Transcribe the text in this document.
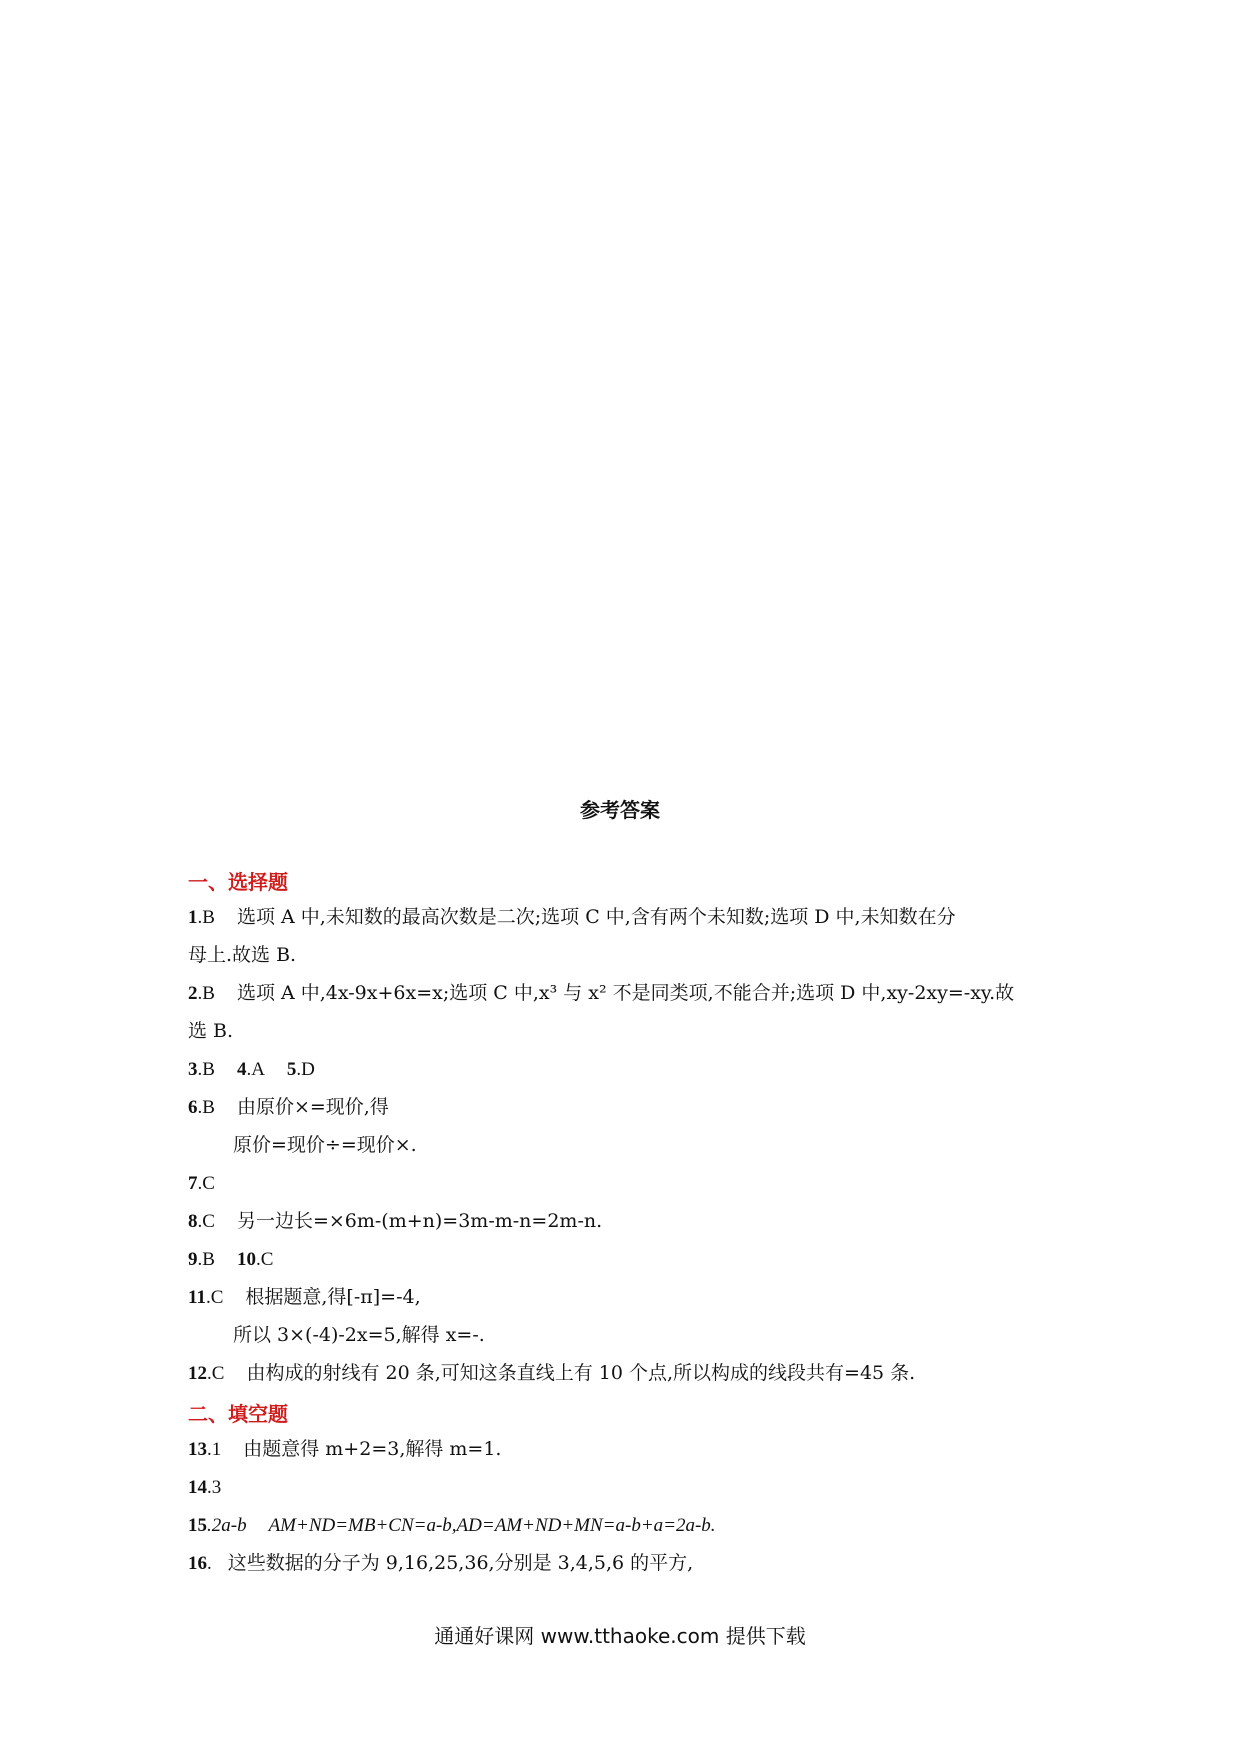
参考答案
一、选择题
1.B 选项 A 中,未知数的最高次数是二次;选项 C 中,含有两个未知数;选项 D 中,未知数在分
母上.故选 B.
2.B 选项 A 中,4x-9x+6x=x;选项 C 中,x³ 与 x² 不是同类项,不能合并;选项 D 中,xy-2xy=-xy.故
选 B.
3.B 4.A 5.D
6.B 由原价×=现价,得
原价=现价÷=现价×.
7.C
8.C 另一边长=×6m-(m+n)=3m-m-n=2m-n.
9.B 10.C
11.C 根据题意,得[-π]=-4,
所以 3×(-4)-2x=5,解得 x=-.
12.C 由构成的射线有 20 条,可知这条直线上有 10 个点,所以构成的线段共有=45 条.
二、填空题
13.1 由题意得 m+2=3,解得 m=1.
14.3
15.2a-b AM+ND=MB+CN=a-b,AD=AM+ND+MN=a-b+a=2a-b.
16. 这些数据的分子为 9,16,25,36,分别是 3,4,5,6 的平方,
通通好课网 www.tthaoke.com 提供下载
